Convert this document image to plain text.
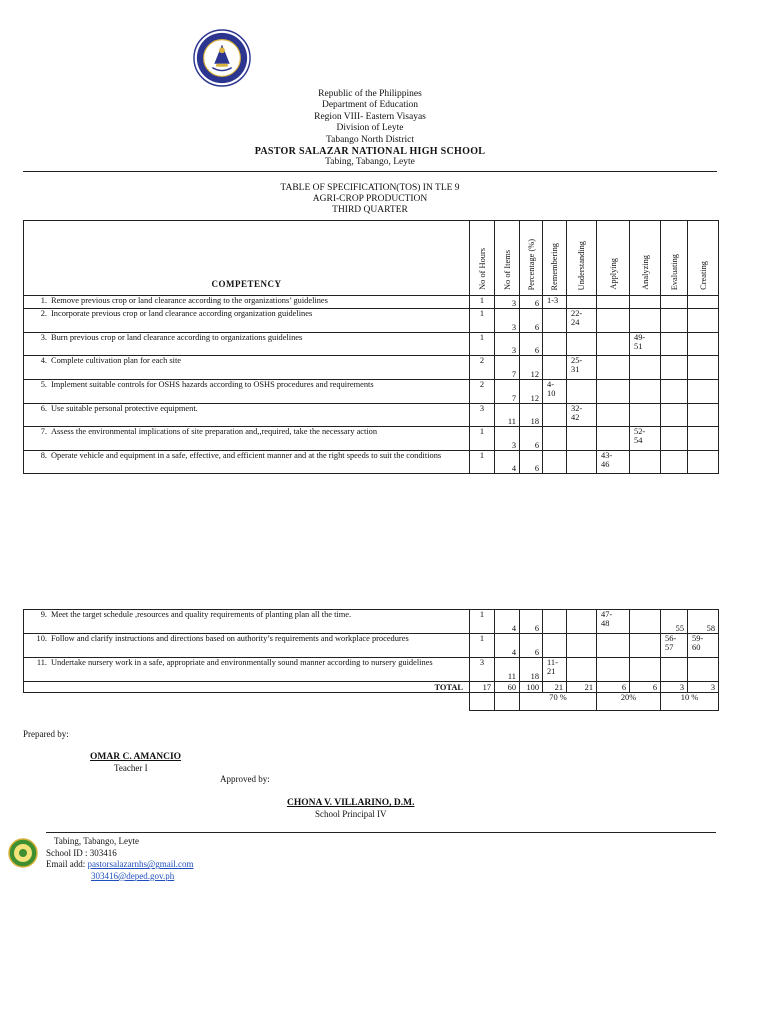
Republic of the Philippines
Department of Education
Region VIII- Eastern Visayas
Division of Leyte
Tabango North District
PASTOR SALAZAR NATIONAL HIGH SCHOOL
Tabing, Tabango, Leyte
TABLE OF SPECIFICATION(TOS) IN TLE 9
AGRI-CROP PRODUCTION
THIRD QUARTER
COMPETENCY	No of Hours	No of Items	Percentage (%)	Remembering	Understanding	Applying	Analyzing	Evaluating	Creating
1. Remove previous crop or land clearance according to the organizations’ guidelines	1	3	6	1-3					
2. Incorporate previous crop or land clearance according organization guidelines	1	3	6		22-
24				
3. Burn previous crop or land clearance according to organizations guidelines	1	3	6				49-
51		
4. Complete cultivation plan for each site	2	7	12		25-
31				
5. Implement suitable controls for OSHS hazards according to OSHS procedures and requirements	2	7	12	4-
10					
6. Use suitable personal protective equipment.	3	11	18		32-
42				
7. Assess the environmental implications of site preparation and,,required, take the necessary action	1	3	6				52-
54		
8. Operate vehicle and equipment in a safe, effective, and efficient manner and at the right speeds to suit the conditions	1	4	6			43-
46			
9. Meet the target schedule ,resources and quality requirements of planting plan all the time.	1	4	6			47-
48		55	58
10. Follow and clarify instructions and directions based on authority’s requirements and workplace procedures	1	4	6					56-
57	59-
60
11. Undertake nursery work in a safe, appropriate and environmentally sound manner according to nursery guidelines	3	11	18	11-
21					
TOTAL	17	60	100	21	21	6	6	3	3
			70 %			20%		10 %	
Prepared by:
OMAR C. AMANCIO
Teacher I
Approved by:
CHONA V. VILLARINO, D.M.
School Principal IV
Tabing, Tabango, Leyte
School ID : 303416
Email add: pastorsalazarnhs@gmail.com
303416@deped.gov.ph
